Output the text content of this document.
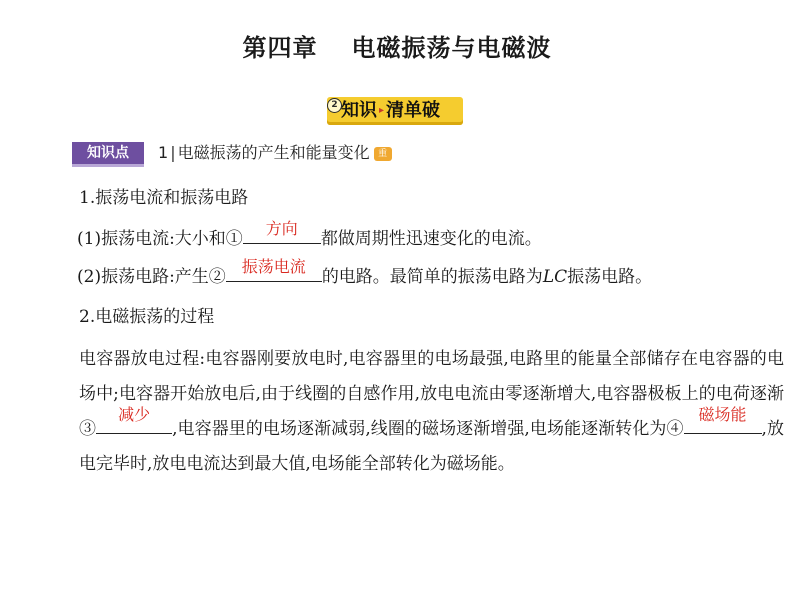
第四章 电磁振荡与电磁波
2 知识 ▸ 清单破
知识点	1 | 电磁振荡的产生和能量变化 重
1.振荡电流和振荡电路
(1)振荡电流:大小和①
方向
都做周期性迅速变化的电流。
(2)振荡电路:产生②
振荡电流
的电路。最简单的振荡电路为LC振荡电路。
2.电磁振荡的过程
电容器放电过程:电容器刚要放电时,电容器里的电场最强,电路里的能量全部储存在电容器的电场中;电容器开始放电后,由于线圈的自感作用,放电电流由零逐渐增大,电容器极板上的电荷逐渐③
减少
,电容器里的电场逐渐减弱,线圈的磁场逐渐增强,电场能逐渐转化为④
磁场能
,放电完毕时,放电电流达到最大值,电场能全部转化为磁场能。
